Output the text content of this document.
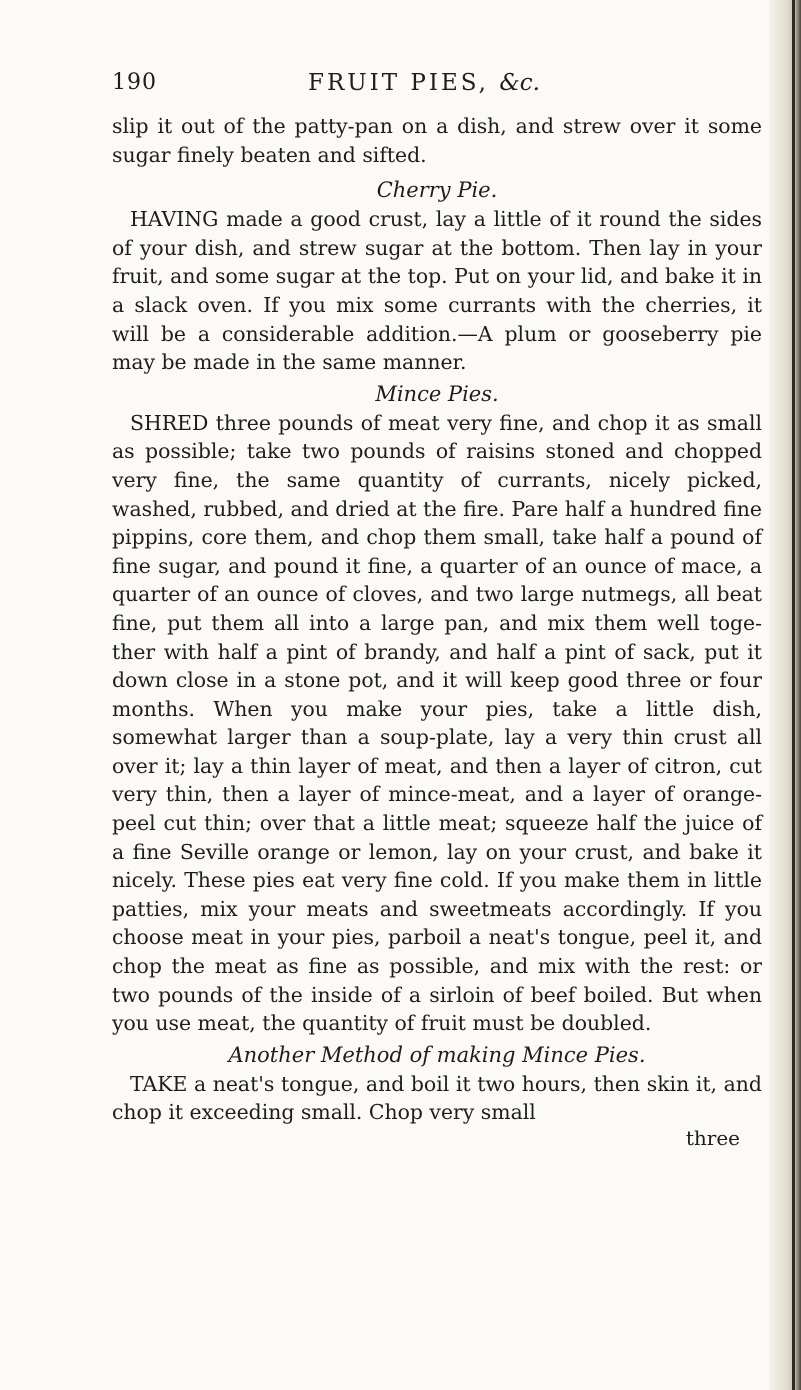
190	FRUIT PIES, &c.

slip it out of the patty-pan on a dish, and strew over it some sugar finely beaten and sifted.

Cherry Pie.

HAVING made a good crust, lay a little of it round the sides of your dish, and strew sugar at the bottom. Then lay in your fruit, and some sugar at the top. Put on your lid, and bake it in a slack oven. If you mix some currants with the cherries, it will be a considerable addition.—A plum or gooseberry pie may be made in the same manner.

Mince Pies.

SHRED three pounds of meat very fine, and chop it as small as possible; take two pounds of raisins stoned and chopped very fine, the same quantity of currants, nicely picked, washed, rubbed, and dried at the fire. Pare half a hundred fine pippins, core them, and chop them small, take half a pound of fine sugar, and pound it fine, a quarter of an ounce of mace, a quarter of an ounce of cloves, and two large nutmegs, all beat fine, put them all into a large pan, and mix them well toge-ther with half a pint of brandy, and half a pint of sack, put it down close in a stone pot, and it will keep good three or four months. When you make your pies, take a little dish, somewhat larger than a soup-plate, lay a very thin crust all over it; lay a thin layer of meat, and then a layer of citron, cut very thin, then a layer of mince-meat, and a layer of orange-peel cut thin; over that a little meat; squeeze half the juice of a fine Seville orange or lemon, lay on your crust, and bake it nicely. These pies eat very fine cold. If you make them in little patties, mix your meats and sweetmeats accordingly. If you choose meat in your pies, parboil a neat's tongue, peel it, and chop the meat as fine as possible, and mix with the rest: or two pounds of the inside of a sirloin of beef boiled. But when you use meat, the quantity of fruit must be doubled.

Another Method of making Mince Pies.

TAKE a neat's tongue, and boil it two hours, then skin it, and chop it exceeding small. Chop very small

three
